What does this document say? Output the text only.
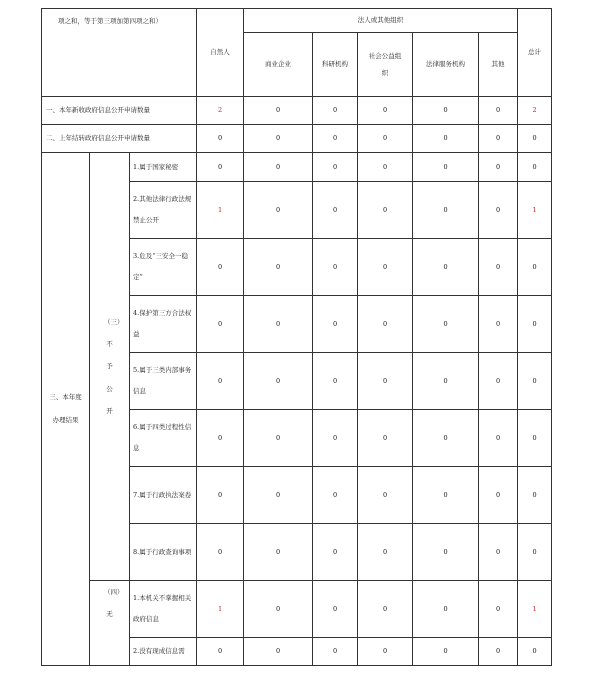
项之和，等于第三项加第四项之和）			自然人	法人或其他组织					总计
				商业企业	科研机构	社会公益组织	法律服务机构	其他	
一、本年新收政府信息公开申请数量			2	0	0	0	0	0	2
二、上年结转政府信息公开申请数量			0	0	0	0	0	0	0
三、本年度办理结果	（三）不予公开	1.属于国家秘密	0	0	0	0	0	0	0
		2.其他法律行政法规禁止公开	1	0	0	0	0	0	1
		3.危及“三安全一稳定”	0	0	0	0	0	0	0
		4.保护第三方合法权益	0	0	0	0	0	0	0
		5.属于三类内部事务信息	0	0	0	0	0	0	0
		6.属于四类过程性信息	0	0	0	0	0	0	0
		7.属于行政执法案卷	0	0	0	0	0	0	0
		8.属于行政查询事项	0	0	0	0	0	0	0
	（四）无	1.本机关不掌握相关政府信息	1	0	0	0	0	0	1
		2.没有现成信息需	0	0	0	0	0	0	0
